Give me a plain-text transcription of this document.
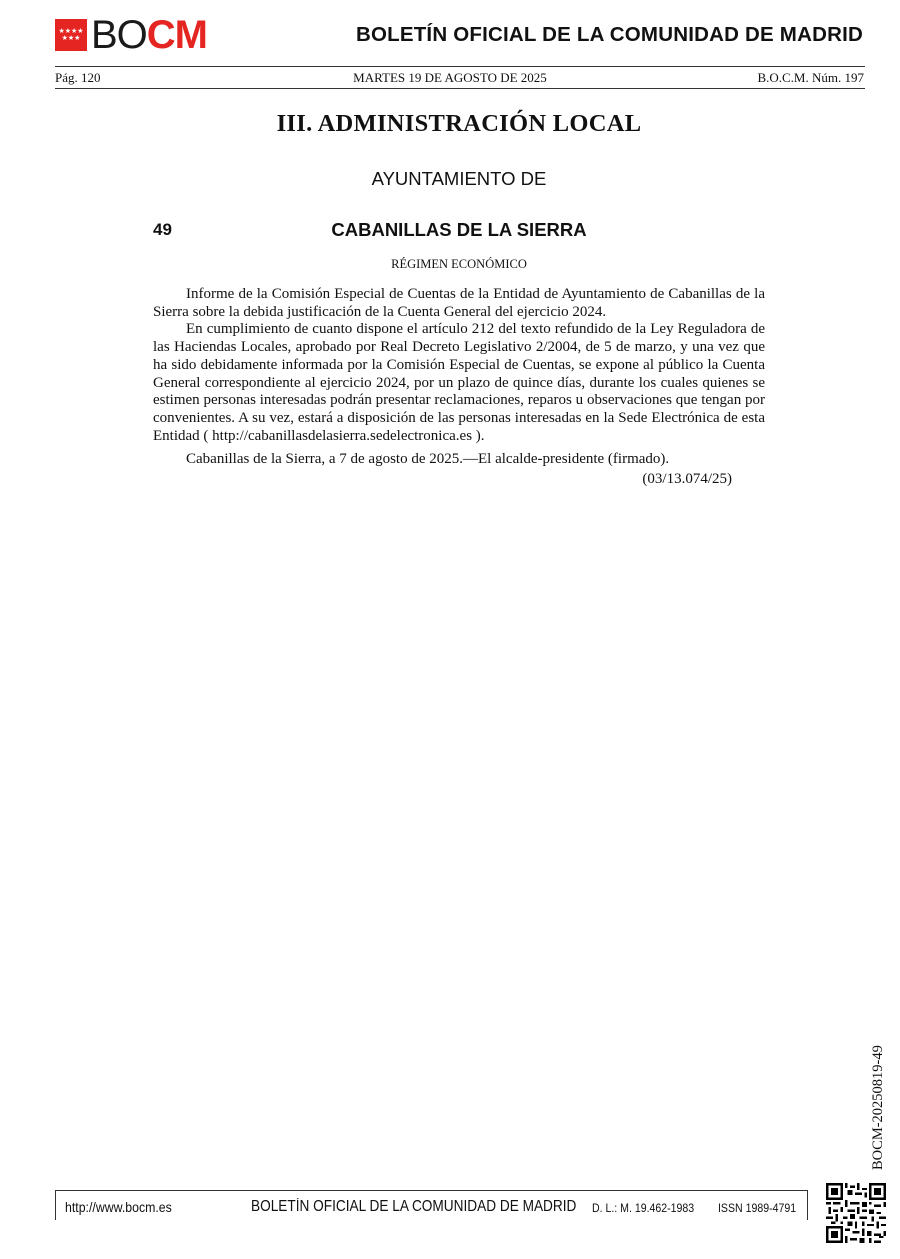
★★★★
★★★ BOCM	BOLETÍN OFICIAL DE LA COMUNIDAD DE MADRID
Pág. 120	MARTES 19 DE AGOSTO DE 2025	B.O.C.M. Núm. 197
III. ADMINISTRACIÓN LOCAL
AYUNTAMIENTO DE
49	CABANILLAS DE LA SIERRA
RÉGIMEN ECONÓMICO

Informe de la Comisión Especial de Cuentas de la Entidad de Ayuntamiento de Cabanillas de la Sierra sobre la debida justificación de la Cuenta General del ejercicio 2024.

En cumplimiento de cuanto dispone el artículo 212 del texto refundido de la Ley Reguladora de las Haciendas Locales, aprobado por Real Decreto Legislativo 2/2004, de 5 de marzo, y una vez que ha sido debidamente informada por la Comisión Especial de Cuentas, se expone al público la Cuenta General correspondiente al ejercicio 2024, por un plazo de quince días, durante los cuales quienes se estimen personas interesadas podrán presentar reclamaciones, reparos u observaciones que tengan por convenientes. A su vez, estará a disposición de las personas interesadas en la Sede Electrónica de esta Entidad ( http://cabanillasdelasierra.sedelectronica.es ).

Cabanillas de la Sierra, a 7 de agosto de 2025.—El alcalde-presidente (firmado).

(03/13.074/25)

BOCM-20250819-49
http://www.bocm.es	BOLETÍN OFICIAL DE LA COMUNIDAD DE MADRID D. L.: M. 19.462-1983 ISSN 1989-4791
